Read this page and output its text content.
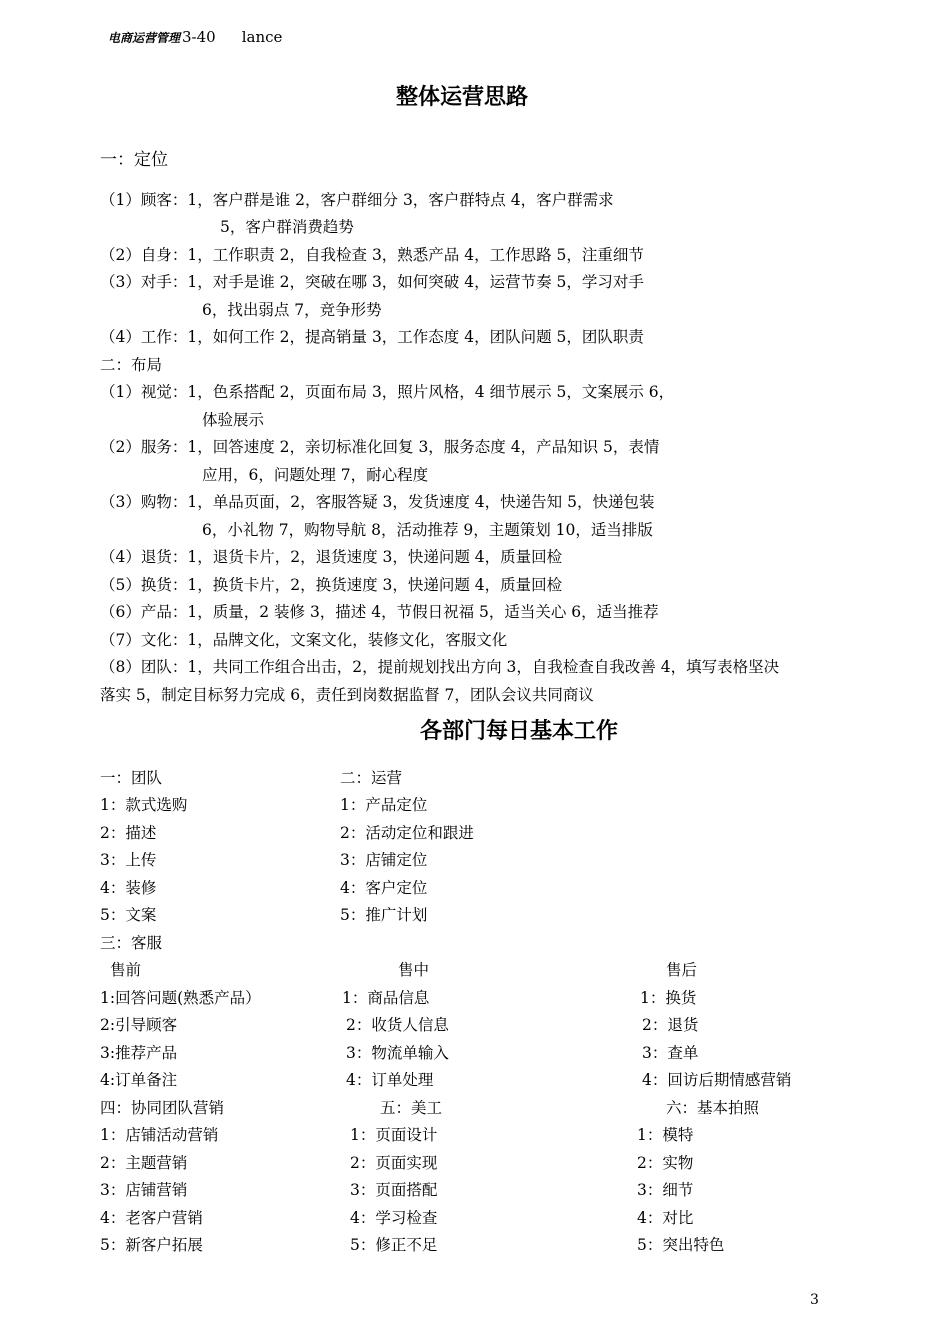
电商运营管理 3-40 lance
整体运营思路
一：定位
（1）顾客：1，客户群是谁 2，客户群细分 3，客户群特点 4，客户群需求
5，客户群消费趋势
（2）自身：1，工作职责 2，自我检查 3，熟悉产品 4，工作思路 5，注重细节
（3）对手：1，对手是谁 2，突破在哪 3，如何突破 4，运营节奏 5，学习对手
6，找出弱点 7，竞争形势
（4）工作：1，如何工作 2，提高销量 3，工作态度 4，团队问题 5，团队职责
二：布局
（1）视觉：1，色系搭配 2，页面布局 3，照片风格，4 细节展示 5，文案展示 6，
体验展示
（2）服务：1，回答速度 2，亲切标准化回复 3，服务态度 4，产品知识 5，表情
应用，6，问题处理 7，耐心程度
（3）购物：1，单品页面，2，客服答疑 3，发货速度 4，快递告知 5，快递包装
6，小礼物 7，购物导航 8，活动推荐 9，主题策划 10，适当排版
（4）退货：1，退货卡片，2，退货速度 3，快递问题 4，质量回检
（5）换货：1，换货卡片，2，换货速度 3，快递问题 4，质量回检
（6）产品：1，质量，2 装修 3，描述 4，节假日祝福 5，适当关心 6，适当推荐
（7）文化：1，品牌文化，文案文化，装修文化，客服文化
（8）团队：1，共同工作组合出击，2，提前规划找出方向 3，自我检查自我改善 4，填写表格坚决
落实 5，制定目标努力完成 6，责任到岗数据监督 7，团队会议共同商议
各部门每日基本工作
一：团队
1：款式选购
2：描述
3：上传
4：装修
5：文案
二：运营
1：产品定位
2：活动定位和跟进
3：店铺定位
4：客户定位
5：推广计划
三：客服
售前
1:回答问题(熟悉产品）
2:引导顾客
3:推荐产品
4:订单备注
售中
1：商品信息
2：收货人信息
3：物流单输入
4：订单处理
售后
1：换货
2：退货
3：查单
4：回访后期情感营销
四：协同团队营销
1：店铺活动营销
2：主题营销
3：店铺营销
4：老客户营销
5：新客户拓展
五：美工
1：页面设计
2：页面实现
3：页面搭配
4：学习检查
5：修正不足
六：基本拍照
1：模特
2：实物
3：细节
4：对比
5：突出特色
3
